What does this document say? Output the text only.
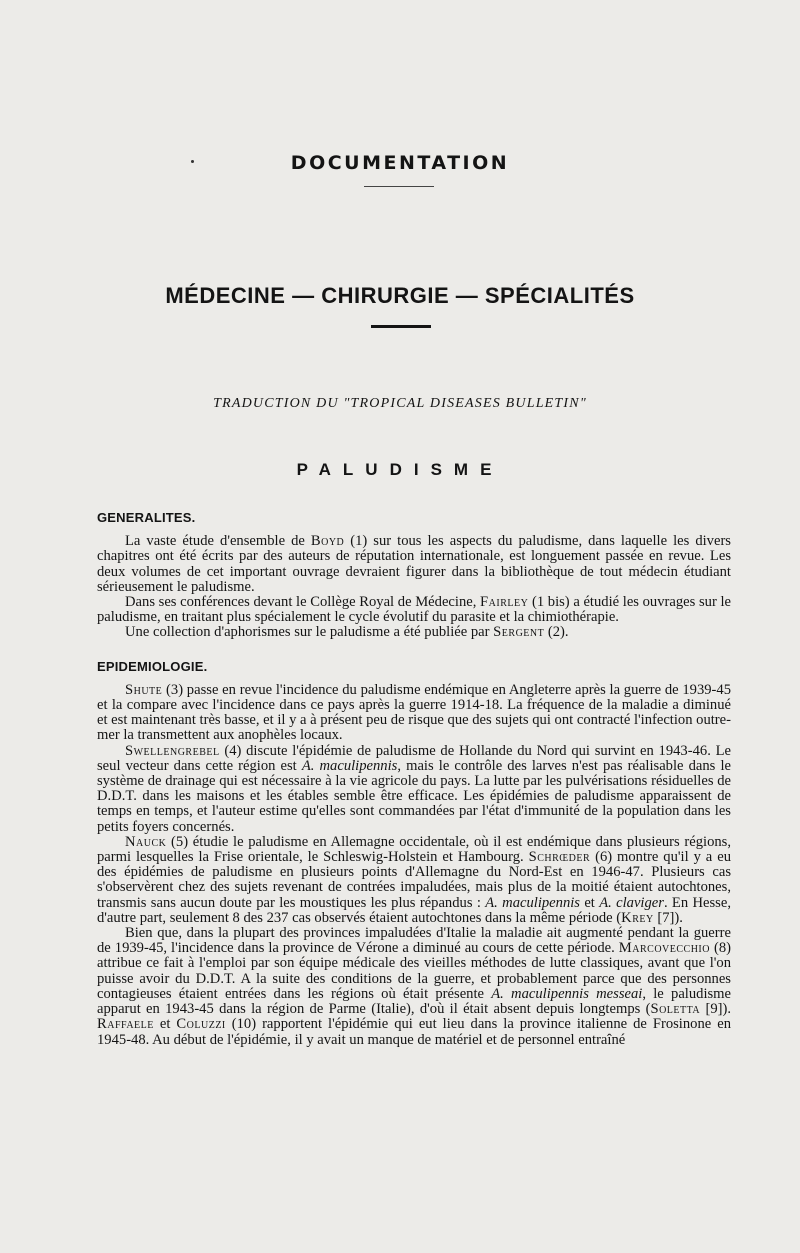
DOCUMENTATION
MÉDECINE — CHIRURGIE — SPÉCIALITÉS

TRADUCTION DU "TROPICAL DISEASES BULLETIN"

PALUDISME

GENERALITES.

La vaste étude d'ensemble de Boyd (1) sur tous les aspects du paludisme, dans laquelle les divers chapitres ont été écrits par des auteurs de réputation internationale, est longuement passée en revue. Les deux volumes de cet important ouvrage devraient figurer dans la bibliothèque de tout médecin étudiant sérieusement le paludisme.

Dans ses conférences devant le Collège Royal de Médecine, Fairley (1 bis) a étudié les ouvrages sur le paludisme, en traitant plus spécialement le cycle évolutif du parasite et la chimiothérapie.

Une collection d'aphorismes sur le paludisme a été publiée par Sergent (2).

EPIDEMIOLOGIE.

Shute (3) passe en revue l'incidence du paludisme endémique en Angleterre après la guerre de 1939-45 et la compare avec l'incidence dans ce pays après la guerre 1914-18. La fréquence de la maladie a diminué et est maintenant très basse, et il y a à présent peu de risque que des sujets qui ont contracté l'infection outre-mer la transmettent aux anophèles locaux.

Swellengrebel (4) discute l'épidémie de paludisme de Hollande du Nord qui survint en 1943-46. Le seul vecteur dans cette région est A. maculipennis, mais le contrôle des larves n'est pas réalisable dans le système de drainage qui est nécessaire à la vie agricole du pays. La lutte par les pulvérisations résiduelles de D.D.T. dans les maisons et les étables semble être efficace. Les épidémies de paludisme apparaissent de temps en temps, et l'auteur estime qu'elles sont commandées par l'état d'immunité de la population dans les petits foyers concernés.

Nauck (5) étudie le paludisme en Allemagne occidentale, où il est endémique dans plusieurs régions, parmi lesquelles la Frise orientale, le Schleswig-Holstein et Hambourg. Schrœder (6) montre qu'il y a eu des épidémies de paludisme en plusieurs points d'Allemagne du Nord-Est en 1946-47. Plusieurs cas s'observèrent chez des sujets revenant de contrées impaludées, mais plus de la moitié étaient autochtones, transmis sans aucun doute par les moustiques les plus répandus : A. maculipennis et A. claviger. En Hesse, d'autre part, seulement 8 des 237 cas observés étaient autochtones dans la même période (Krey [7]).

Bien que, dans la plupart des provinces impaludées d'Italie la maladie ait augmenté pendant la guerre de 1939-45, l'incidence dans la province de Vérone a diminué au cours de cette période. Marcovecchio (8) attribue ce fait à l'emploi par son équipe médicale des vieilles méthodes de lutte classiques, avant que l'on puisse avoir du D.D.T. A la suite des conditions de la guerre, et probablement parce que des personnes contagieuses étaient entrées dans les régions où était présente A. maculipennis messeai, le paludisme apparut en 1943-45 dans la région de Parme (Italie), d'où il était absent depuis longtemps (Soletta [9]). Raffaele et Coluzzi (10) rapportent l'épidémie qui eut lieu dans la province italienne de Frosinone en 1945-48. Au début de l'épidémie, il y avait un manque de matériel et de personnel entraîné
